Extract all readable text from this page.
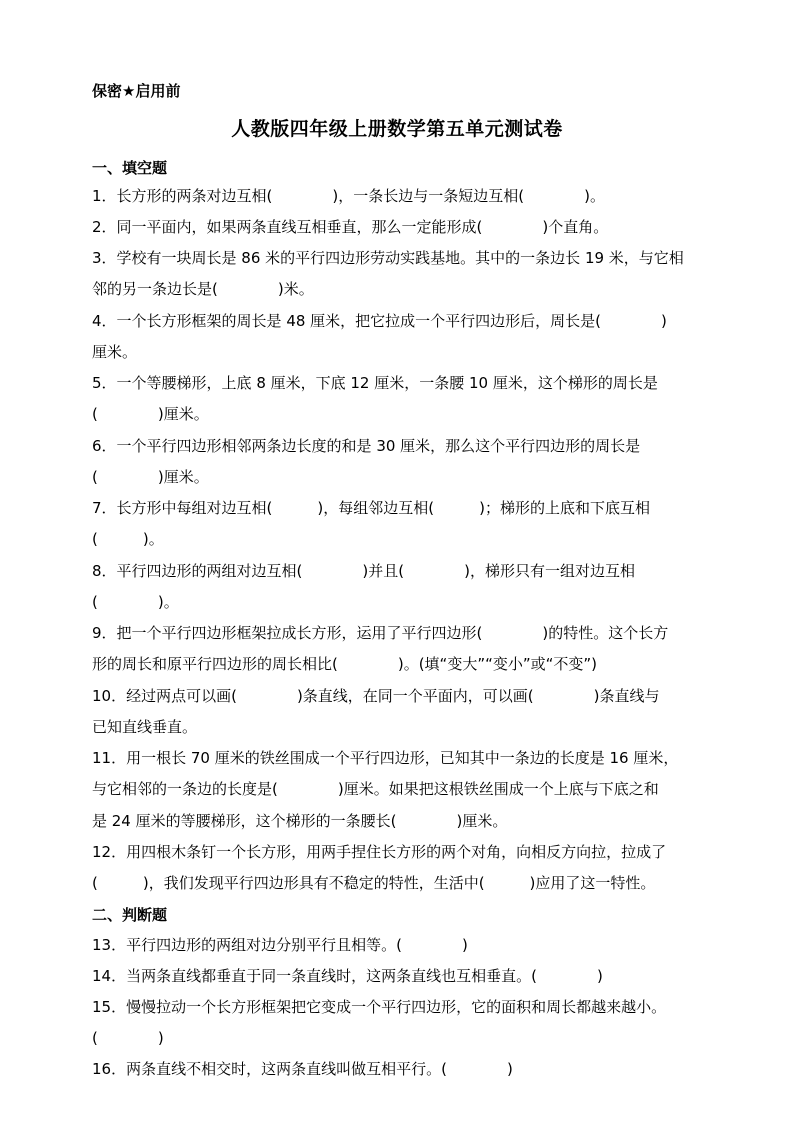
保密★启用前
人教版四年级上册数学第五单元测试卷
一、填空题
1．长方形的两条对边互相(　　　　)，一条长边与一条短边互相(　　　　)。
2．同一平面内，如果两条直线互相垂直，那么一定能形成(　　　　)个直角。
3．学校有一块周长是 86 米的平行四边形劳动实践基地。其中的一条边长 19 米，与它相
邻的另一条边长是(　　　　)米。
4．一个长方形框架的周长是 48 厘米，把它拉成一个平行四边形后，周长是(　　　　)
厘米。
5．一个等腰梯形，上底 8 厘米，下底 12 厘米，一条腰 10 厘米，这个梯形的周长是
(　　　　)厘米。
6．一个平行四边形相邻两条边长度的和是 30 厘米，那么这个平行四边形的周长是
(　　　　)厘米。
7．长方形中每组对边互相(　　　)，每组邻边互相(　　　)；梯形的上底和下底互相
(　　　)。
8．平行四边形的两组对边互相(　　　　)并且(　　　　)，梯形只有一组对边互相
(　　　　)。
9．把一个平行四边形框架拉成长方形，运用了平行四边形(　　　　)的特性。这个长方
形的周长和原平行四边形的周长相比(　　　　)。(填“变大”“变小”或“不变”)
10．经过两点可以画(　　　　)条直线，在同一个平面内，可以画(　　　　)条直线与
已知直线垂直。
11．用一根长 70 厘米的铁丝围成一个平行四边形，已知其中一条边的长度是 16 厘米，
与它相邻的一条边的长度是(　　　　)厘米。如果把这根铁丝围成一个上底与下底之和
是 24 厘米的等腰梯形，这个梯形的一条腰长(　　　　)厘米。
12．用四根木条钉一个长方形，用两手捏住长方形的两个对角，向相反方向拉，拉成了
(　　　)，我们发现平行四边形具有不稳定的特性，生活中(　　　)应用了这一特性。
二、判断题
13．平行四边形的两组对边分别平行且相等。(　　　　)
14．当两条直线都垂直于同一条直线时，这两条直线也互相垂直。(　　　　)
15．慢慢拉动一个长方形框架把它变成一个平行四边形，它的面积和周长都越来越小。
(　　　　)
16．两条直线不相交时，这两条直线叫做互相平行。(　　　　)
